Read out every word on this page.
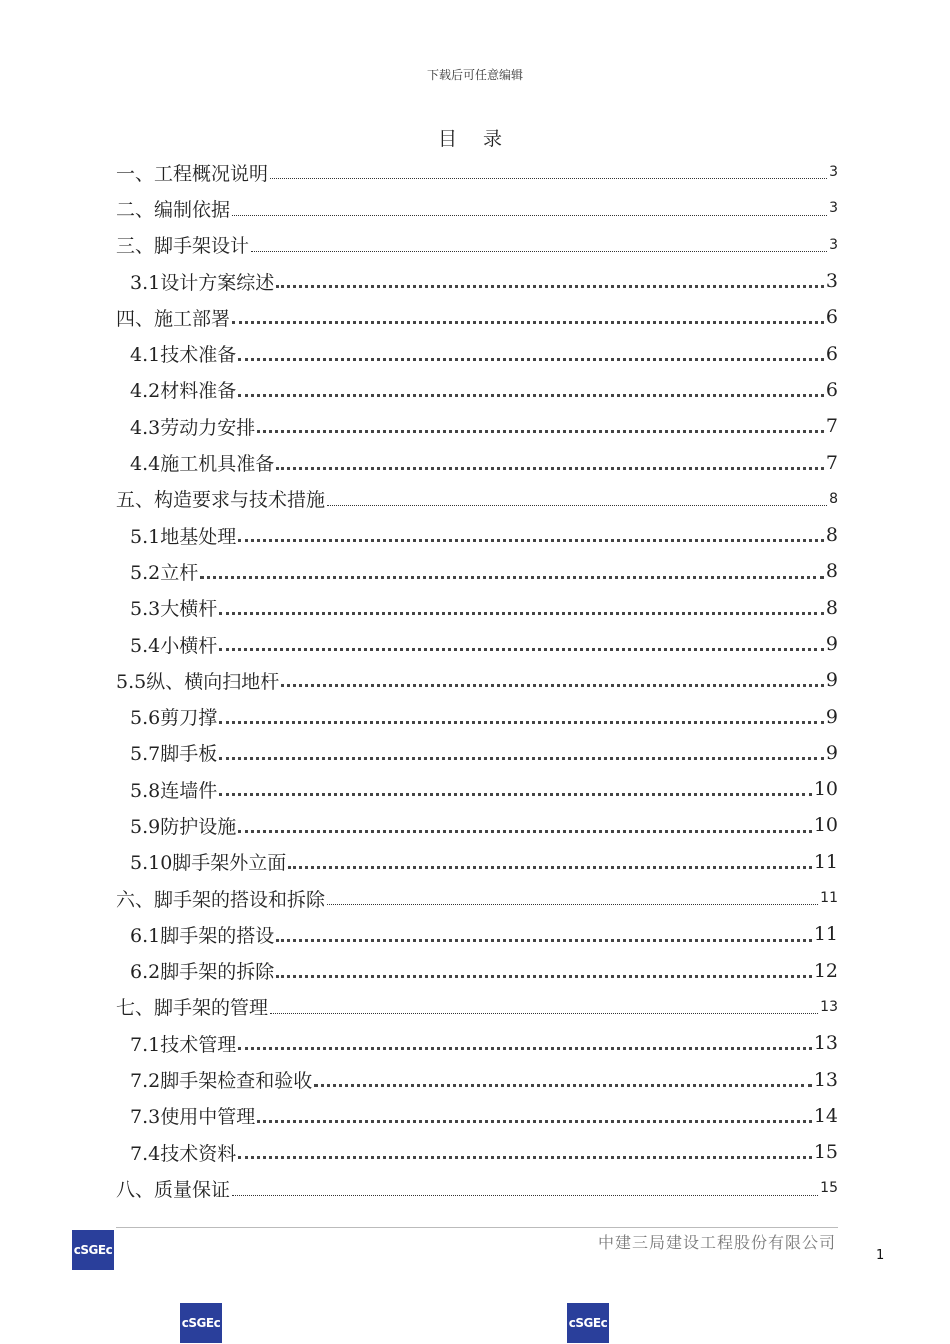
下载后可任意编辑
目 录
一、工程概况说明	3
二、编制依据	3
三、脚手架设计	3
3.1设计方案综述	3
四、施工部署	6
4.1技术准备	6
4.2材料准备	6
4.3劳动力安排	7
4.4施工机具准备	7
五、构造要求与技术措施	8
5.1地基处理	8
5.2立杆	8
5.3大横杆	8
5.4小横杆	9
5.5纵、横向扫地杆	9
5.6剪刀撑	9
5.7脚手板	9
5.8连墙件	10
5.9防护设施	10
5.10脚手架外立面	11
六、脚手架的搭设和拆除	11
6.1脚手架的搭设	11
6.2脚手架的拆除	12
七、脚手架的管理	13
7.1技术管理	13
7.2脚手架检查和验收	13
7.3使用中管理	14
7.4技术资料	15
八、质量保证	15
中建三局建设工程股份有限公司
1
cSGEc
cSGEc	cSGEc
